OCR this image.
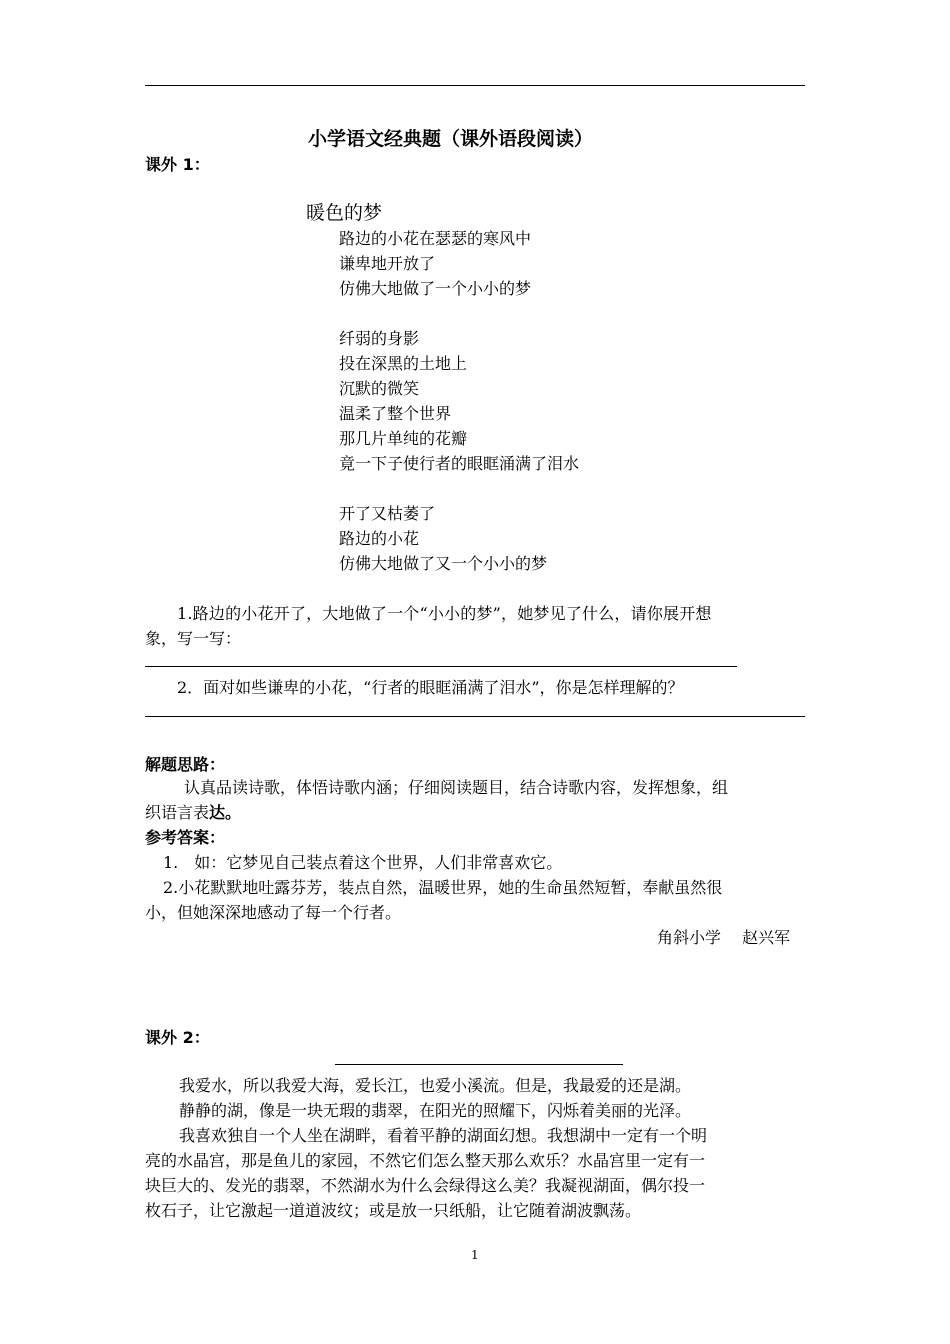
小学语文经典题（课外语段阅读）
课外 1：
暖色的梦
路边的小花在瑟瑟的寒风中
谦卑地开放了
仿佛大地做了一个小小的梦
纤弱的身影
投在深黑的土地上
沉默的微笑
温柔了整个世界
那几片单纯的花瓣
竟一下子使行者的眼眶涌满了泪水
开了又枯萎了
路边的小花
仿佛大地做了又一个小小的梦
1.路边的小花开了，大地做了一个“小小的梦”，她梦见了什么，请你展开想
象，写一写：
2．面对如些谦卑的小花，“行者的眼眶涌满了泪水”，你是怎样理解的？
解题思路：
认真品读诗歌，体悟诗歌内涵；仔细阅读题目，结合诗歌内容，发挥想象，组
织语言表达。
参考答案：
1.　如：它梦见自己装点着这个世界，人们非常喜欢它。
2.小花默默地吐露芬芳，装点自然，温暖世界，她的生命虽然短暂，奉献虽然很
小，但她深深地感动了每一个行者。
角斜小学　 赵兴军
课外 2：
我爱水，所以我爱大海，爱长江，也爱小溪流。但是，我最爱的还是湖。
静静的湖，像是一块无瑕的翡翠，在阳光的照耀下，闪烁着美丽的光泽。
我喜欢独自一个人坐在湖畔，看着平静的湖面幻想。我想湖中一定有一个明
亮的水晶宫，那是鱼儿的家园，不然它们怎么整天那么欢乐？水晶宫里一定有一
块巨大的、发光的翡翠，不然湖水为什么会绿得这么美？我凝视湖面，偶尔投一
枚石子，让它激起一道道波纹；或是放一只纸船，让它随着湖波飘荡。
1
